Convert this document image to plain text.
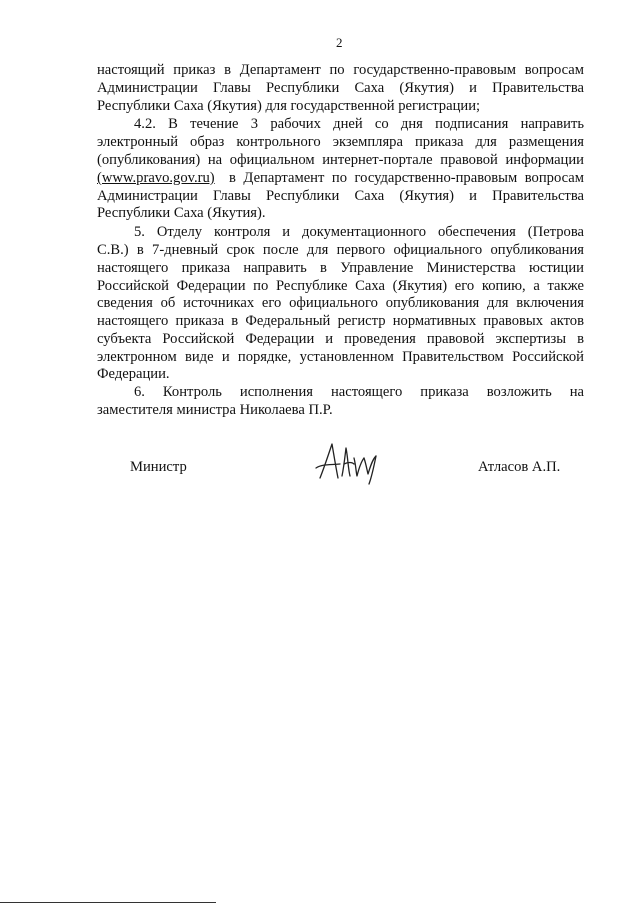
2
настоящий приказ в Департамент по государственно-правовым вопросам
Администрации Главы Республики Саха (Якутия) и Правительства
Республики Саха (Якутия) для государственной регистрации;
4.2. В течение 3 рабочих дней со дня подписания направить
электронный образ контрольного экземпляра приказа для размещения
(опубликования) на официальном интернет-портале правовой информации
(www.pravo.gov.ru) в Департамент по государственно-правовым вопросам
Администрации Главы Республики Саха (Якутия) и Правительства
Республики Саха (Якутия).
5. Отделу контроля и документационного обеспечения (Петрова
С.В.) в 7-дневный срок после для первого официального опубликования
настоящего приказа направить в Управление Министерства юстиции
Российской Федерации по Республике Саха (Якутия) его копию, а также
сведения об источниках его официального опубликования для включения
настоящего приказа в Федеральный регистр нормативных правовых актов
субъекта Российской Федерации и проведения правовой экспертизы в
электронном виде и порядке, установленном Правительством Российской
Федерации.
6. Контроль исполнения настоящего приказа возложить на
заместителя министра Николаева П.Р.
Министр	Атласов А.П.
